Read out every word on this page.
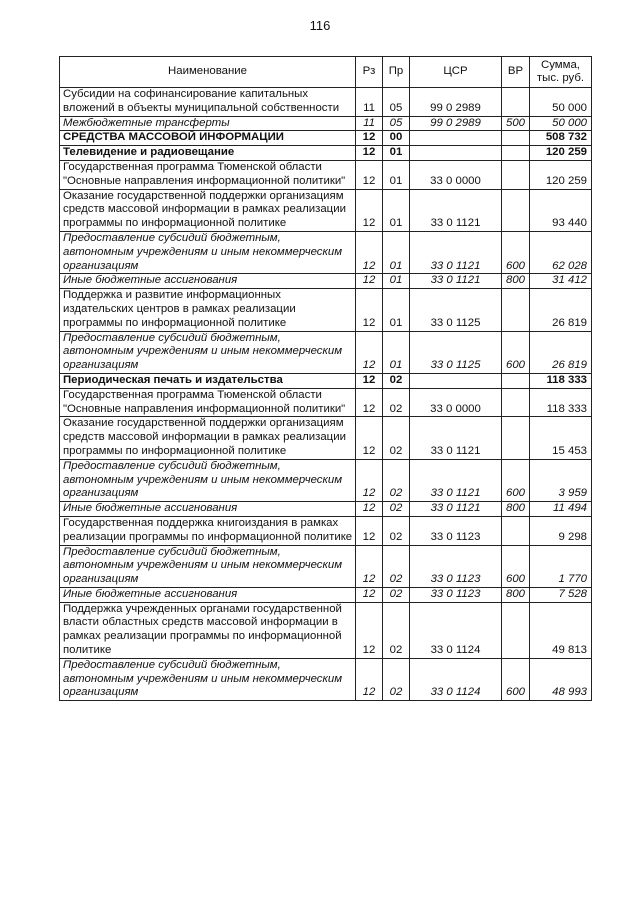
116
Наименование	Рз	Пр	ЦСР	ВР	Сумма,
тыс. руб.
Субсидии на софинансирование капитальных вложений в объекты муниципальной собственности	11	05	99 0 2989		50 000
Межбюджетные трансферты	11	05	99 0 2989	500	50 000
СРЕДСТВА МАССОВОЙ ИНФОРМАЦИИ	12	00			508 732
Телевидение и радиовещание	12	01			120 259
Государственная программа Тюменской области "Основные направления информационной политики"	12	01	33 0 0000		120 259
Оказание государственной поддержки организациям средств массовой информации в рамках реализации программы по информационной политике	12	01	33 0 1121		93 440
Предоставление субсидий бюджетным, автономным учреждениям и иным некоммерческим организациям	12	01	33 0 1121	600	62 028
Иные бюджетные ассигнования	12	01	33 0 1121	800	31 412
Поддержка и развитие информационных издательских центров в рамках реализации программы по информационной политике	12	01	33 0 1125		26 819
Предоставление субсидий бюджетным, автономным учреждениям и иным некоммерческим организациям	12	01	33 0 1125	600	26 819
Периодическая печать и издательства	12	02			118 333
Государственная программа Тюменской области "Основные направления информационной политики"	12	02	33 0 0000		118 333
Оказание государственной поддержки организациям средств массовой информации в рамках реализации программы по информационной политике	12	02	33 0 1121		15 453
Предоставление субсидий бюджетным, автономным учреждениям и иным некоммерческим организациям	12	02	33 0 1121	600	3 959
Иные бюджетные ассигнования	12	02	33 0 1121	800	11 494
Государственная поддержка книгоиздания в рамках реализации программы по информационной политике	12	02	33 0 1123		9 298
Предоставление субсидий бюджетным, автономным учреждениям и иным некоммерческим организациям	12	02	33 0 1123	600	1 770
Иные бюджетные ассигнования	12	02	33 0 1123	800	7 528
Поддержка учрежденных органами государственной власти областных средств массовой информации в рамках реализации программы по информационной политике	12	02	33 0 1124		49 813
Предоставление субсидий бюджетным, автономным учреждениям и иным некоммерческим организациям	12	02	33 0 1124	600	48 993
